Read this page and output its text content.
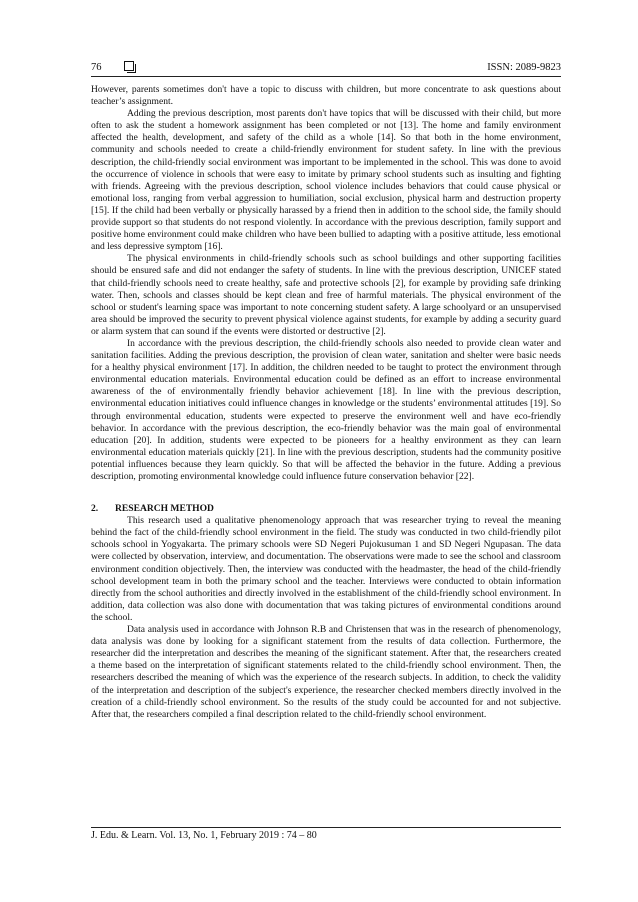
76	ISSN: 2089-9823

However, parents sometimes don't have a topic to discuss with children, but more concentrate to ask questions about teacher’s assignment.

Adding the previous description, most parents don't have topics that will be discussed with their child, but more often to ask the student a homework assignment has been completed or not [13]. The home and family environment affected the health, development, and safety of the child as a whole [14]. So that both in the home environment, community and schools needed to create a child-friendly environment for student safety. In line with the previous description, the child-friendly social environment was important to be implemented in the school. This was done to avoid the occurrence of violence in schools that were easy to imitate by primary school students such as insulting and fighting with friends. Agreeing with the previous description, school violence includes behaviors that could cause physical or emotional loss, ranging from verbal aggression to humiliation, social exclusion, physical harm and destruction property [15]. If the child had been verbally or physically harassed by a friend then in addition to the school side, the family should provide support so that students do not respond violently. In accordance with the previous description, family support and positive home environment could make children who have been bullied to adapting with a positive attitude, less emotional and less depressive symptom [16].

The physical environments in child-friendly schools such as school buildings and other supporting facilities should be ensured safe and did not endanger the safety of students. In line with the previous description, UNICEF stated that child-friendly schools need to create healthy, safe and protective schools [2], for example by providing safe drinking water. Then, schools and classes should be kept clean and free of harmful materials. The physical environment of the school or student's learning space was important to note concerning student safety. A large schoolyard or an unsupervised area should be improved the security to prevent physical violence against students, for example by adding a security guard or alarm system that can sound if the events were distorted or destructive [2].

In accordance with the previous description, the child-friendly schools also needed to provide clean water and sanitation facilities. Adding the previous description, the provision of clean water, sanitation and shelter were basic needs for a healthy physical environment [17]. In addition, the children needed to be taught to protect the environment through environmental education materials. Environmental education could be defined as an effort to increase environmental awareness of the of environmentally friendly behavior achievement [18]. In line with the previous description, environmental education initiatives could influence changes in knowledge or the students’ environmental attitudes [19]. So through environmental education, students were expected to preserve the environment well and have eco-friendly behavior. In accordance with the previous description, the eco-friendly behavior was the main goal of environmental education [20]. In addition, students were expected to be pioneers for a healthy environment as they can learn environmental education materials quickly [21]. In line with the previous description, students had the community positive potential influences because they learn quickly. So that will be affected the behavior in the future. Adding a previous description, promoting environmental knowledge could influence future conservation behavior [22].

2. RESEARCH METHOD

This research used a qualitative phenomenology approach that was researcher trying to reveal the meaning behind the fact of the child-friendly school environment in the field. The study was conducted in two child-friendly pilot schools school in Yogyakarta. The primary schools were SD Negeri Pujokusuman 1 and SD Negeri Ngupasan. The data were collected by observation, interview, and documentation. The observations were made to see the school and classroom environment condition objectively. Then, the interview was conducted with the headmaster, the head of the child-friendly school development team in both the primary school and the teacher. Interviews were conducted to obtain information directly from the school authorities and directly involved in the establishment of the child-friendly school environment. In addition, data collection was also done with documentation that was taking pictures of environmental conditions around the school.

Data analysis used in accordance with Johnson R.B and Christensen that was in the research of phenomenology, data analysis was done by looking for a significant statement from the results of data collection. Furthermore, the researcher did the interpretation and describes the meaning of the significant statement. After that, the researchers created a theme based on the interpretation of significant statements related to the child-friendly school environment. Then, the researchers described the meaning of which was the experience of the research subjects. In addition, to check the validity of the interpretation and description of the subject's experience, the researcher checked members directly involved in the creation of a child-friendly school environment. So the results of the study could be accounted for and not subjective. After that, the researchers compiled a final description related to the child-friendly school environment.

J. Edu. & Learn. Vol. 13, No. 1, February 2019 : 74 – 80
